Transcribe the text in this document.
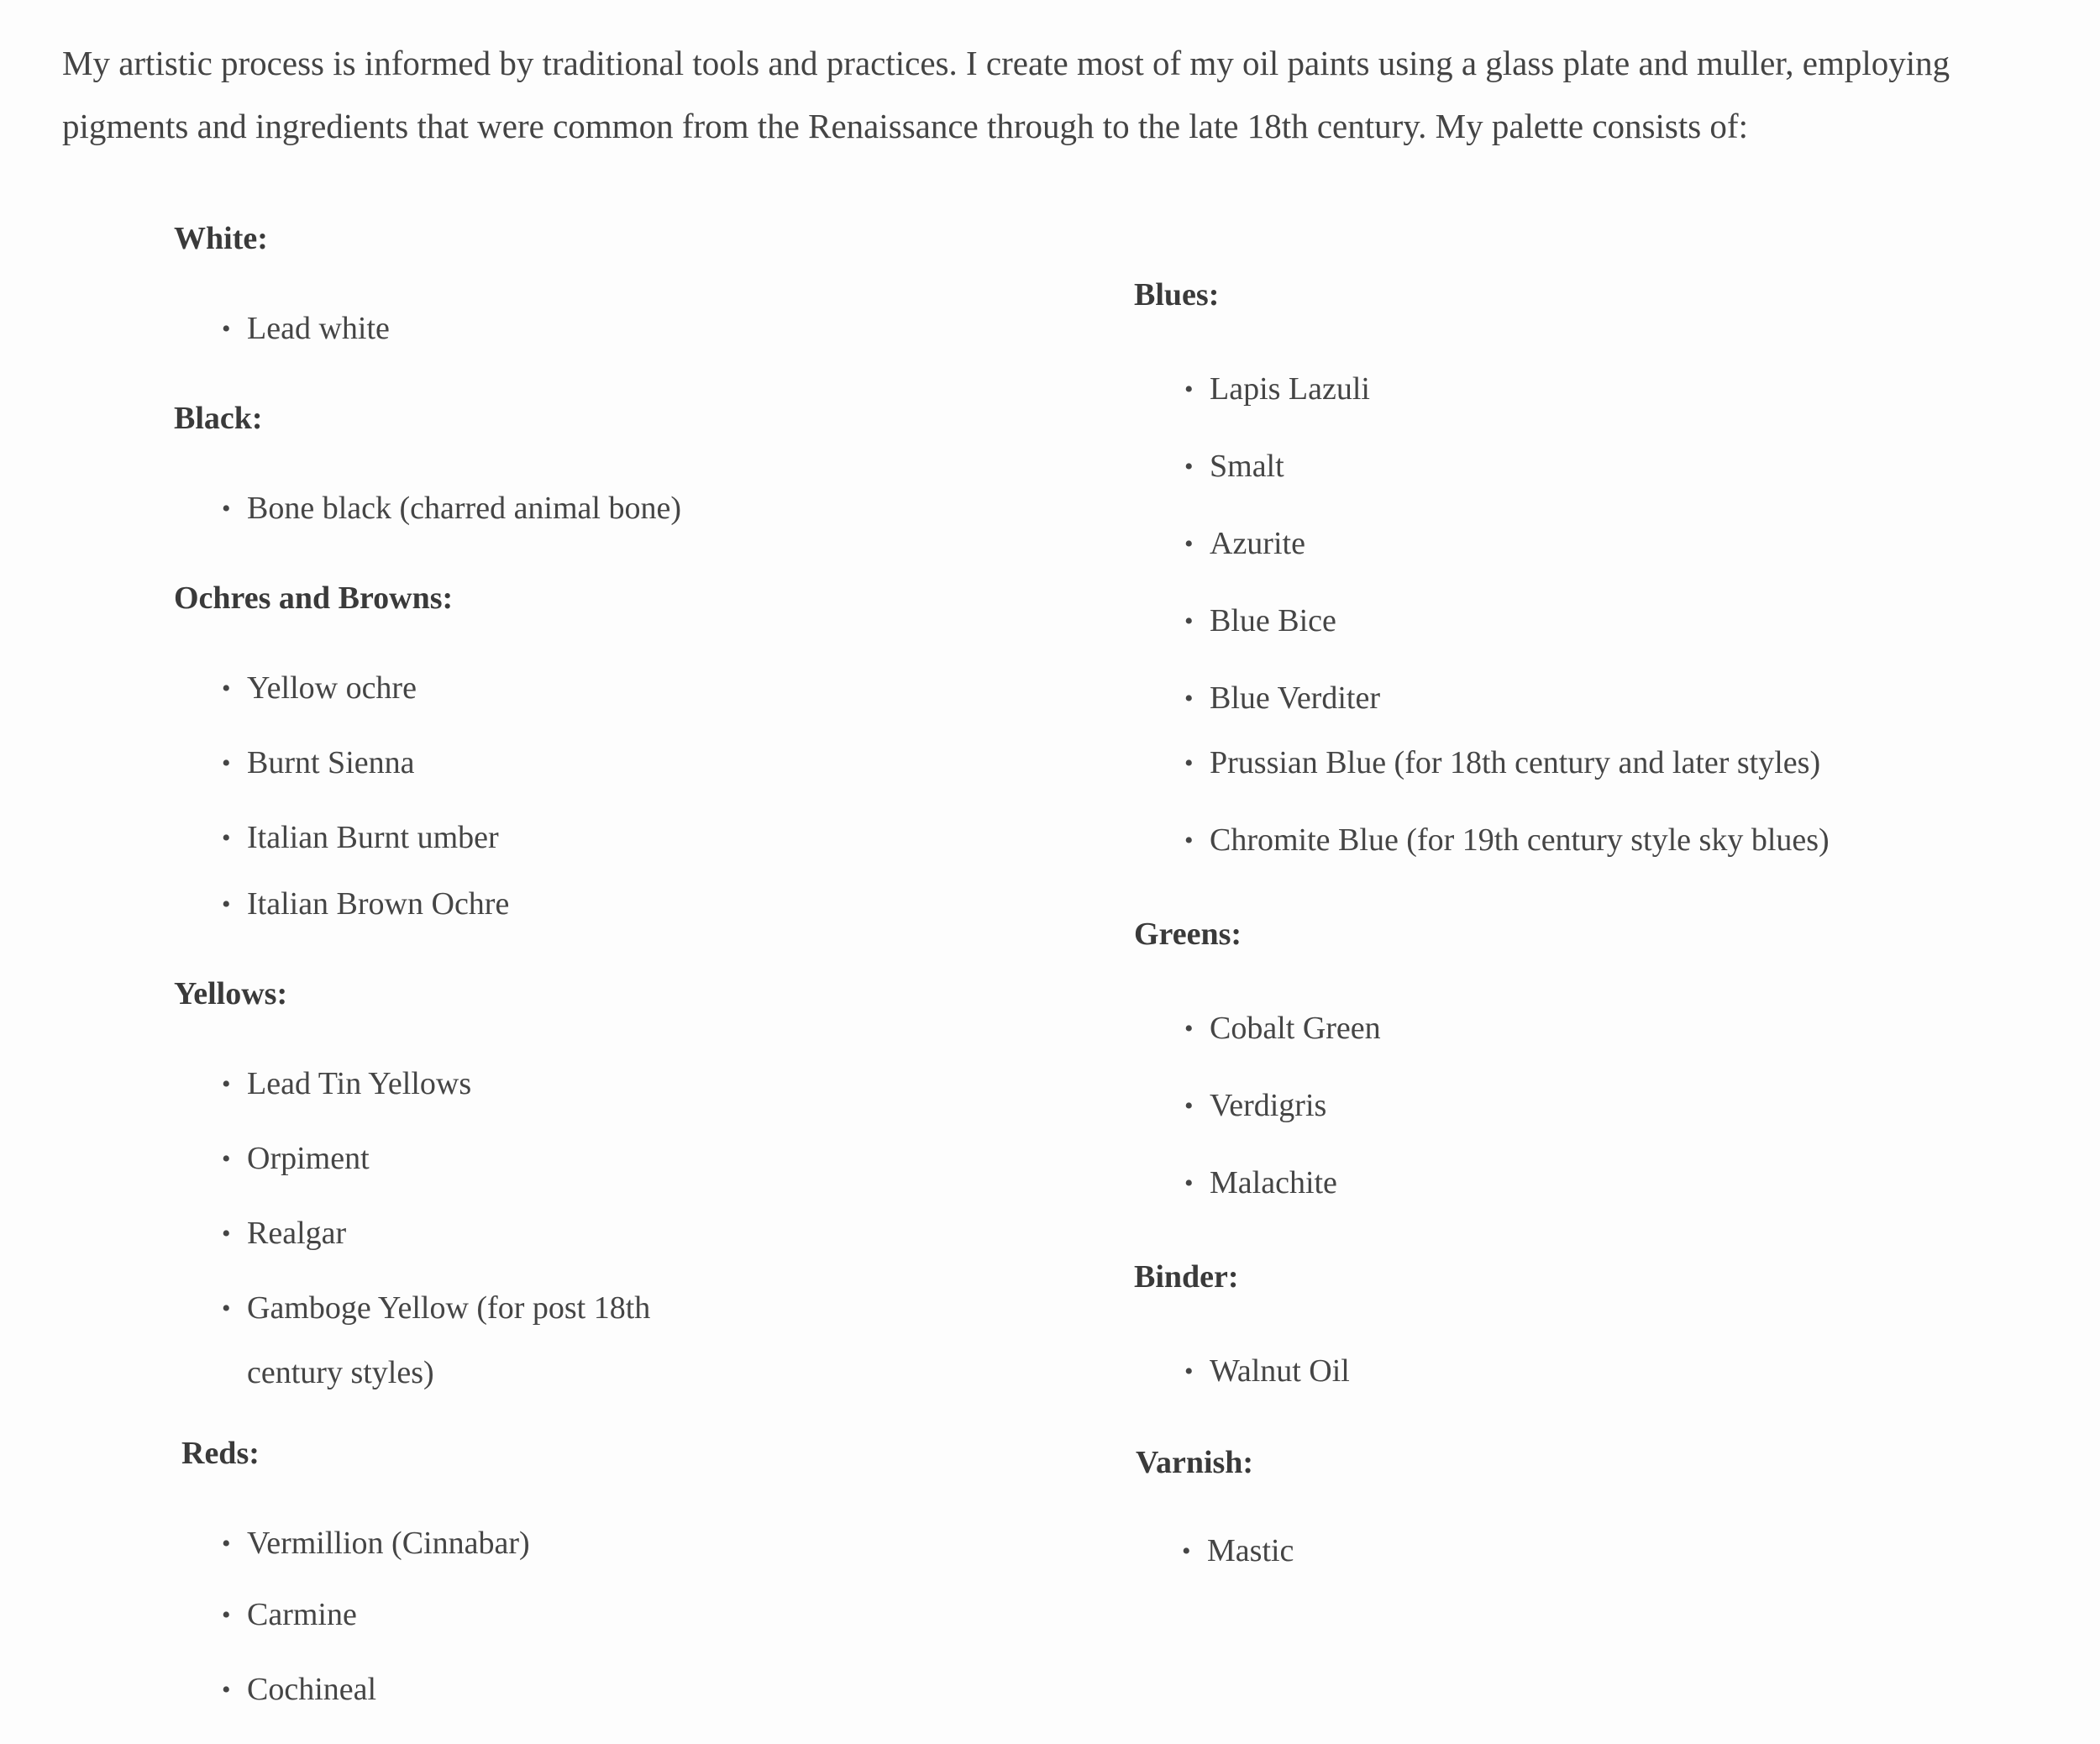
My artistic process is informed by traditional tools and practices. I create most of my oil paints using a glass plate and muller, employing pigments and ingredients that were common from the Renaissance through to the late 18th century. My palette consists of:

White:
• Lead white
Black:
• Bone black (charred animal bone)
Ochres and Browns:
• Yellow ochre
• Burnt Sienna
• Italian Burnt umber
• Italian Brown Ochre
Yellows:
• Lead Tin Yellows
• Orpiment
• Realgar
• Gamboge Yellow (for post 18th century styles)
Reds:
• Vermillion (Cinnabar)
• Carmine
• Cochineal
Blues:
• Lapis Lazuli
• Smalt
• Azurite
• Blue Bice
• Blue Verditer
• Prussian Blue (for 18th century and later styles)
• Chromite Blue (for 19th century style sky blues)
Greens:
• Cobalt Green
• Verdigris
• Malachite
Binder:
• Walnut Oil
Varnish:
• Mastic
